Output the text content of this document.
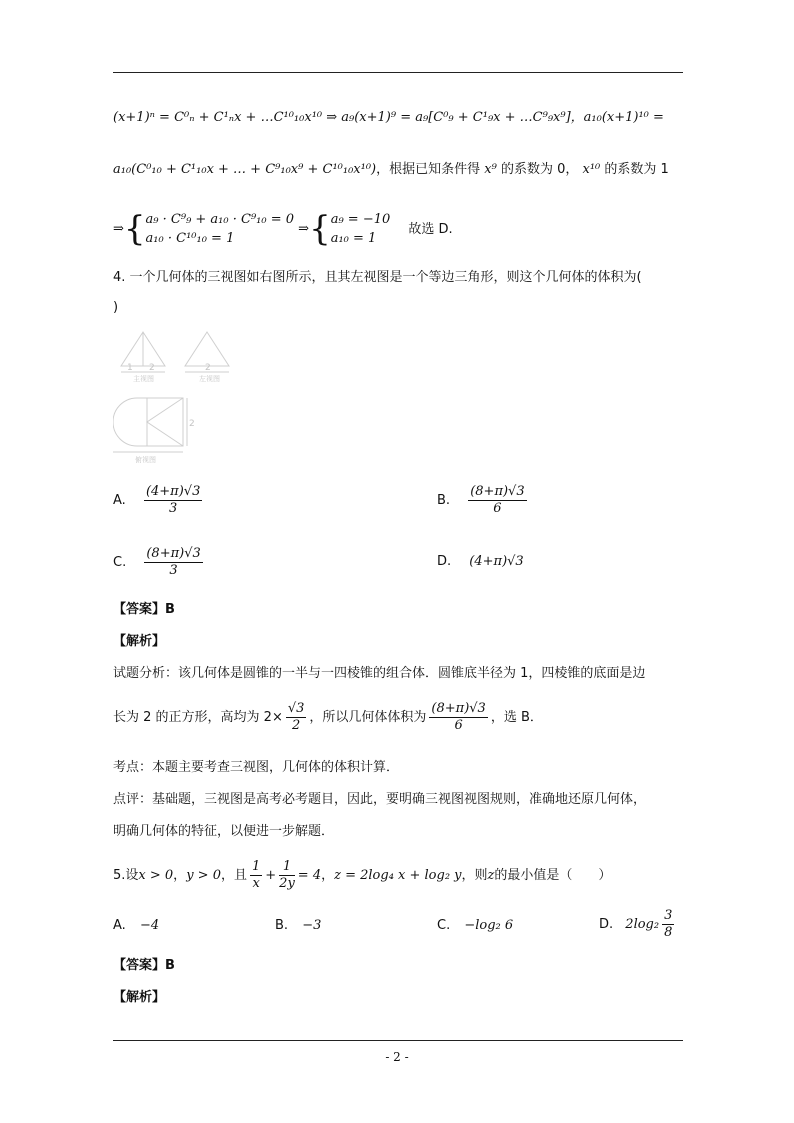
(x+1)ⁿ = C⁰ₙ + C¹ₙx + …C¹⁰₁₀x¹⁰ ⇒ a₉(x+1)⁹ = a₉[C⁰₉ + C¹₉x + …C⁹₉x⁹]，a₁₀(x+1)¹⁰ =
a₁₀(C⁰₁₀ + C¹₁₀x + … + C⁹₁₀x⁹ + C¹⁰₁₀x¹⁰)，根据已知条件得 x⁹ 的系数为 0， x¹⁰ 的系数为 1
⇒{ a₉ · C⁹₉ + a₁₀ · C⁹₁₀ = 0
a₁₀ · C¹⁰₁₀ = 1
⇒{ a₉ = −10
a₁₀ = 1
故选 D.
4. 一个几何体的三视图如右图所示，且其左视图是一个等边三角形，则这个几何体的体积为(
)
1 2	2
2
主视图	左视图
俯视图
A. $\frac{(4+\pi)√3}{3}$	B. $\frac{(8+\pi)√3}{6}$
C. $\frac{(8+\pi)√3}{3}$	D. (4+π)√3
【答案】B
【解析】
试题分析：该几何体是圆锥的一半与一四棱锥的组合体．圆锥底半径为 1，四棱锥的底面是边
长为 2 的正方形，高均为 $2\times \frac{√3}{2}$ ，所以几何体体积为 $\frac{(8+\pi)√3}{6}$ ，选 B．
考点：本题主要考查三视图，几何体的体积计算．
点评：基础题，三视图是高考必考题目，因此，要明确三视图视图规则，准确地还原几何体，
明确几何体的特征，以便进一步解题．
5.设x > 0，y > 0，且 $\frac{1}{x} + \frac{1}{2y} = 4$，z = 2log₄ x + log₂ y，则z的最小值是（　　）
A. −4	B. −3	C. −log₂ 6	D. $2\log_2 \frac{3}{8}$
【答案】B
【解析】
- 2 -
